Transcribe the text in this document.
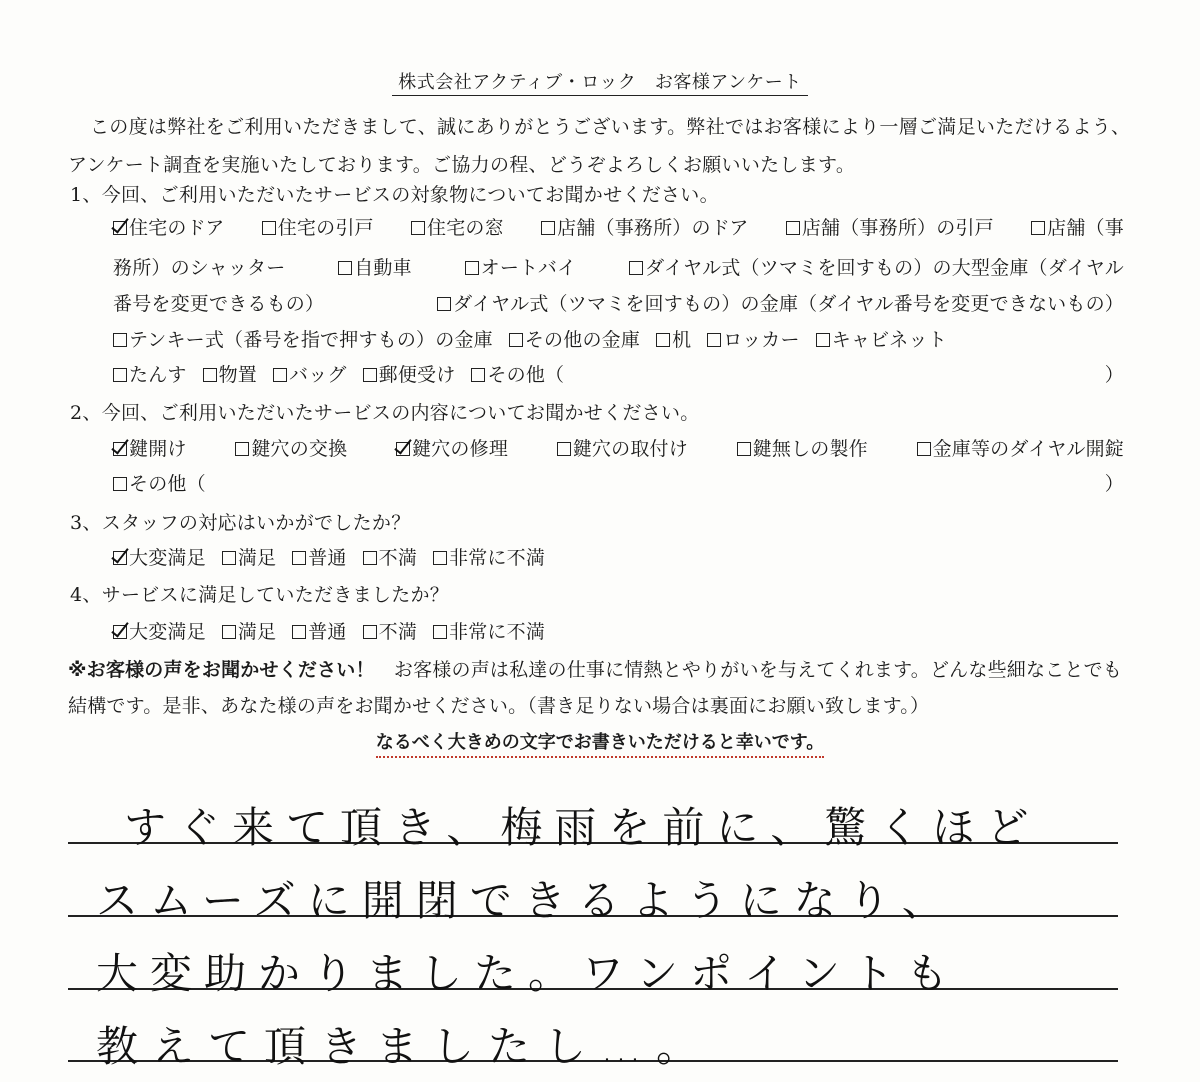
株式会社アクティブ・ロック　お客様アンケート
この度は弊社をご利用いただきまして、誠にありがとうございます。弊社ではお客様により一層ご満足いただけるよう、アンケート調査を実施いたしております。ご協力の程、どうぞよろしくお願いいたします。
1、今回、ご利用いただいたサービスの対象物についてお聞かせください。
住宅のドア	住宅の引戸	住宅の窓	店舗（事務所）のドア	店舗（事務所）の引戸	店舗（事
務所）のシャッター	自動車	オートバイ	ダイヤル式（ツマミを回すもの）の大型金庫（ダイヤル
番号を変更できるもの）	ダイヤル式（ツマミを回すもの）の金庫（ダイヤル番号を変更できないもの）
テンキー式（番号を指で押すもの）の金庫 その他の金庫 机 ロッカー キャビネット
たんす 物置 バッグ 郵便受け その他（	）
2、今回、ご利用いただいたサービスの内容についてお聞かせください。
鍵開け	鍵穴の交換	鍵穴の修理	鍵穴の取付け	鍵無しの製作	金庫等のダイヤル開錠
その他（	）
3、スタッフの対応はいかがでしたか？
大変満足 満足 普通 不満 非常に不満
4、サービスに満足していただきましたか？
大変満足 満足 普通 不満 非常に不満
※お客様の声をお聞かせください！　お客様の声は私達の仕事に情熱とやりがいを与えてくれます。どんな些細なことでも結構です。是非、あなた様の声をお聞かせください。（書き足りない場合は裏面にお願い致します。）
なるべく大きめの文字でお書きいただけると幸いです。
すぐ来て頂き、梅雨を前に、驚くほど
スムーズに開閉できるようになり、
大変助かりました。ワンポイントも
教えて頂きましたし…。
